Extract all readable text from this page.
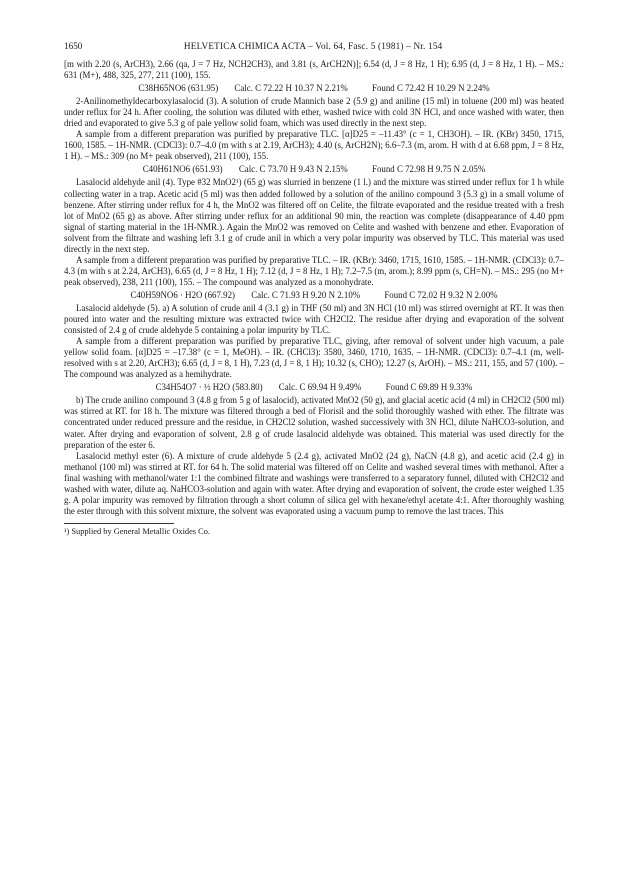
1650	HELVETICA CHIMICA ACTA – Vol. 64, Fasc. 5 (1981) – Nr. 154

[m with 2.20 (s, ArCH3), 2.66 (qa, J = 7 Hz, NCH2CH3), and 3.81 (s, ArCH2N)]; 6.54 (d, J = 8 Hz, 1 H); 6.95 (d, J = 8 Hz, 1 H). – MS.: 631 (M+), 488, 325, 277, 211 (100), 155.

C38H65NO6 (631.95) Calc. C 72.22 H 10.37 N 2.21%	Found C 72.42 H 10.29 N 2.24%

2-Anilinomethyldecarboxylasalocid (3). A solution of crude Mannich base 2 (5.9 g) and aniline (15 ml) in toluene (200 ml) was heated under reflux for 24 h. After cooling, the solution was diluted with ether, washed twice with cold 3N HCl, and once washed with water, then dried and evaporated to give 5.3 g of pale yellow solid foam, which was used directly in the next step.

A sample from a different preparation was purified by preparative TLC. [α]D25 = –11.43° (c = 1, CH3OH). – IR. (KBr) 3450, 1715, 1600, 1585. – 1H-NMR. (CDCl3): 0.7–4.0 (m with s at 2.19, ArCH3); 4.40 (s, ArCH2N); 6.6–7.3 (m, arom. H with d at 6.68 ppm, J = 8 Hz, 1 H). – MS.: 309 (no M+ peak observed), 211 (100), 155.

C40H61NO6 (651.93) Calc. C 73.70 H 9.43 N 2.15%	Found C 72.98 H 9.75 N 2.05%

Lasalocid aldehyde anil (4). Type #32 MnO2¹) (65 g) was slurried in benzene (1 l.) and the mixture was stirred under reflux for 1 h while collecting water in a trap. Acetic acid (5 ml) was then added followed by a solution of the anilino compound 3 (5.3 g) in a small volume of benzene. After stirring under reflux for 4 h, the MnO2 was filtered off on Celite, the filtrate evaporated and the residue treated with a fresh lot of MnO2 (65 g) as above. After stirring under reflux for an additional 90 min, the reaction was complete (disappearance of 4.40 ppm signal of starting material in the 1H-NMR.). Again the MnO2 was removed on Celite and washed with benzene and ether. Evaporation of solvent from the filtrate and washing left 3.1 g of crude anil in which a very polar impurity was observed by TLC. This material was used directly in the next step.

A sample from a different preparation was purified by preparative TLC. – IR. (KBr): 3460, 1715, 1610, 1585. – 1H-NMR. (CDCl3): 0.7–4.3 (m with s at 2.24, ArCH3), 6.65 (d, J = 8 Hz, 1 H); 7.12 (d, J = 8 Hz, 1 H); 7.2–7.5 (m, arom.); 8.99 ppm (s, CH=N). – MS.: 295 (no M+ peak observed), 238, 211 (100), 155. – The compound was analyzed as a monohydrate.

C40H59NO6 · H2O (667.92) Calc. C 71.93 H 9.20 N 2.10%	Found C 72.02 H 9.32 N 2.00%

Lasalocid aldehyde (5). a) A solution of crude anil 4 (3.1 g) in THF (50 ml) and 3N HCl (10 ml) was stirred overnight at RT. It was then poured into water and the resulting mixture was extracted twice with CH2Cl2. The residue after drying and evaporation of the solvent consisted of 2.4 g of crude aldehyde 5 containing a polar impurity by TLC.

A sample from a different preparation was purified by preparative TLC, giving, after removal of solvent under high vacuum, a pale yellow solid foam. [α]D25 = –17.38° (c = 1, MeOH). – IR. (CHCl3): 3580, 3460, 1710, 1635. – 1H-NMR. (CDCl3): 0.7–4.1 (m, well-resolved with s at 2.20, ArCH3); 6.65 (d, J = 8, 1 H), 7.23 (d, J = 8, 1 H); 10.32 (s, CHO); 12.27 (s, ArOH). – MS.: 211, 155, and 57 (100). – The compound was analyzed as a hemihydrate.

C34H54O7 · ½ H2O (583.80) Calc. C 69.94 H 9.49%	Found C 69.89 H 9.33%

b) The crude anilino compound 3 (4.8 g from 5 g of lasalocid), activated MnO2 (50 g), and glacial acetic acid (4 ml) in CH2Cl2 (500 ml) was stirred at RT. for 18 h. The mixture was filtered through a bed of Florisil and the solid thoroughly washed with ether. The filtrate was concentrated under reduced pressure and the residue, in CH2Cl2 solution, washed successively with 3N HCl, dilute NaHCO3-solution, and water. After drying and evaporation of solvent, 2.8 g of crude lasalocid aldehyde was obtained. This material was used directly for the preparation of the ester 6.

Lasalocid methyl ester (6). A mixture of crude aldehyde 5 (2.4 g), activated MnO2 (24 g), NaCN (4.8 g), and acetic acid (2.4 g) in methanol (100 ml) was stirred at RT. for 64 h. The solid material was filtered off on Celite and washed several times with methanol. After a final washing with methanol/water 1:1 the combined filtrate and washings were transferred to a separatory funnel, diluted with CH2Cl2 and washed with water, dilute aq. NaHCO3-solution and again with water. After drying and evaporation of solvent, the crude ester weighed 1.35 g. A polar impurity was removed by filtration through a short column of silica gel with hexane/ethyl acetate 4:1. After thoroughly washing the ester through with this solvent mixture, the solvent was evaporated using a vacuum pump to remove the last traces. This

¹) Supplied by General Metallic Oxides Co.
